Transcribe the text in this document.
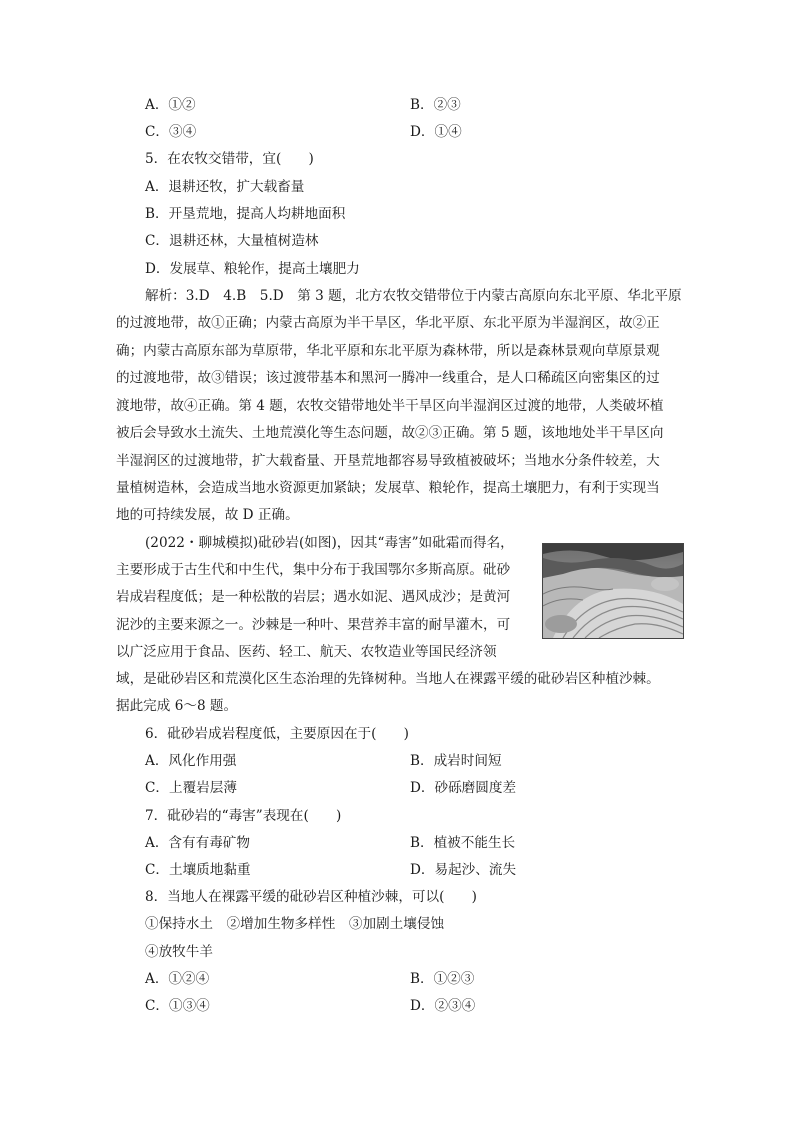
A．①②	B．②③
C．③④	D．①④
5．在农牧交错带，宜(　　)
A．退耕还牧，扩大载畜量
B．开垦荒地，提高人均耕地面积
C．退耕还林，大量植树造林
D．发展草、粮轮作，提高土壤肥力
解析：3.D　4.B　5.D　第 3 题，北方农牧交错带位于内蒙古高原向东北平原、华北平原
的过渡地带，故①正确；内蒙古高原为半干旱区，华北平原、东北平原为半湿润区，故②正
确；内蒙古高原东部为草原带，华北平原和东北平原为森林带，所以是森林景观向草原景观
的过渡地带，故③错误；该过渡带基本和黑河一腾冲一线重合，是人口稀疏区向密集区的过
渡地带，故④正确。第 4 题，农牧交错带地处半干旱区向半湿润区过渡的地带，人类破坏植
被后会导致水土流失、土地荒漠化等生态问题，故②③正确。第 5 题，该地地处半干旱区向
半湿润区的过渡地带，扩大载畜量、开垦荒地都容易导致植被破坏；当地水分条件较差，大
量植树造林，会造成当地水资源更加紧缺；发展草、粮轮作，提高土壤肥力，有利于实现当
地的可持续发展，故 D 正确。
(2022・聊城模拟)砒砂岩(如图)，因其“毒害”如砒霜而得名，
主要形成于古生代和中生代，集中分布于我国鄂尔多斯高原。砒砂
岩成岩程度低；是一种松散的岩层；遇水如泥、遇风成沙；是黄河
泥沙的主要来源之一。沙棘是一种叶、果营养丰富的耐旱灌木，可
以广泛应用于食品、医药、轻工、航天、农牧造业等国民经济领
域，是砒砂岩区和荒漠化区生态治理的先锋树种。当地人在裸露平缓的砒砂岩区种植沙棘。
据此完成 6～8 题。
6．砒砂岩成岩程度低，主要原因在于(　　)
A．风化作用强	B．成岩时间短
C．上覆岩层薄	D．砂砾磨圆度差
7．砒砂岩的“毒害”表现在(　　)
A．含有有毒矿物	B．植被不能生长
C．土壤质地黏重	D．易起沙、流失
8．当地人在裸露平缓的砒砂岩区种植沙棘，可以(　　)
①保持水土　②增加生物多样性　③加剧土壤侵蚀
④放牧牛羊
A．①②④	B．①②③
C．①③④	D．②③④
